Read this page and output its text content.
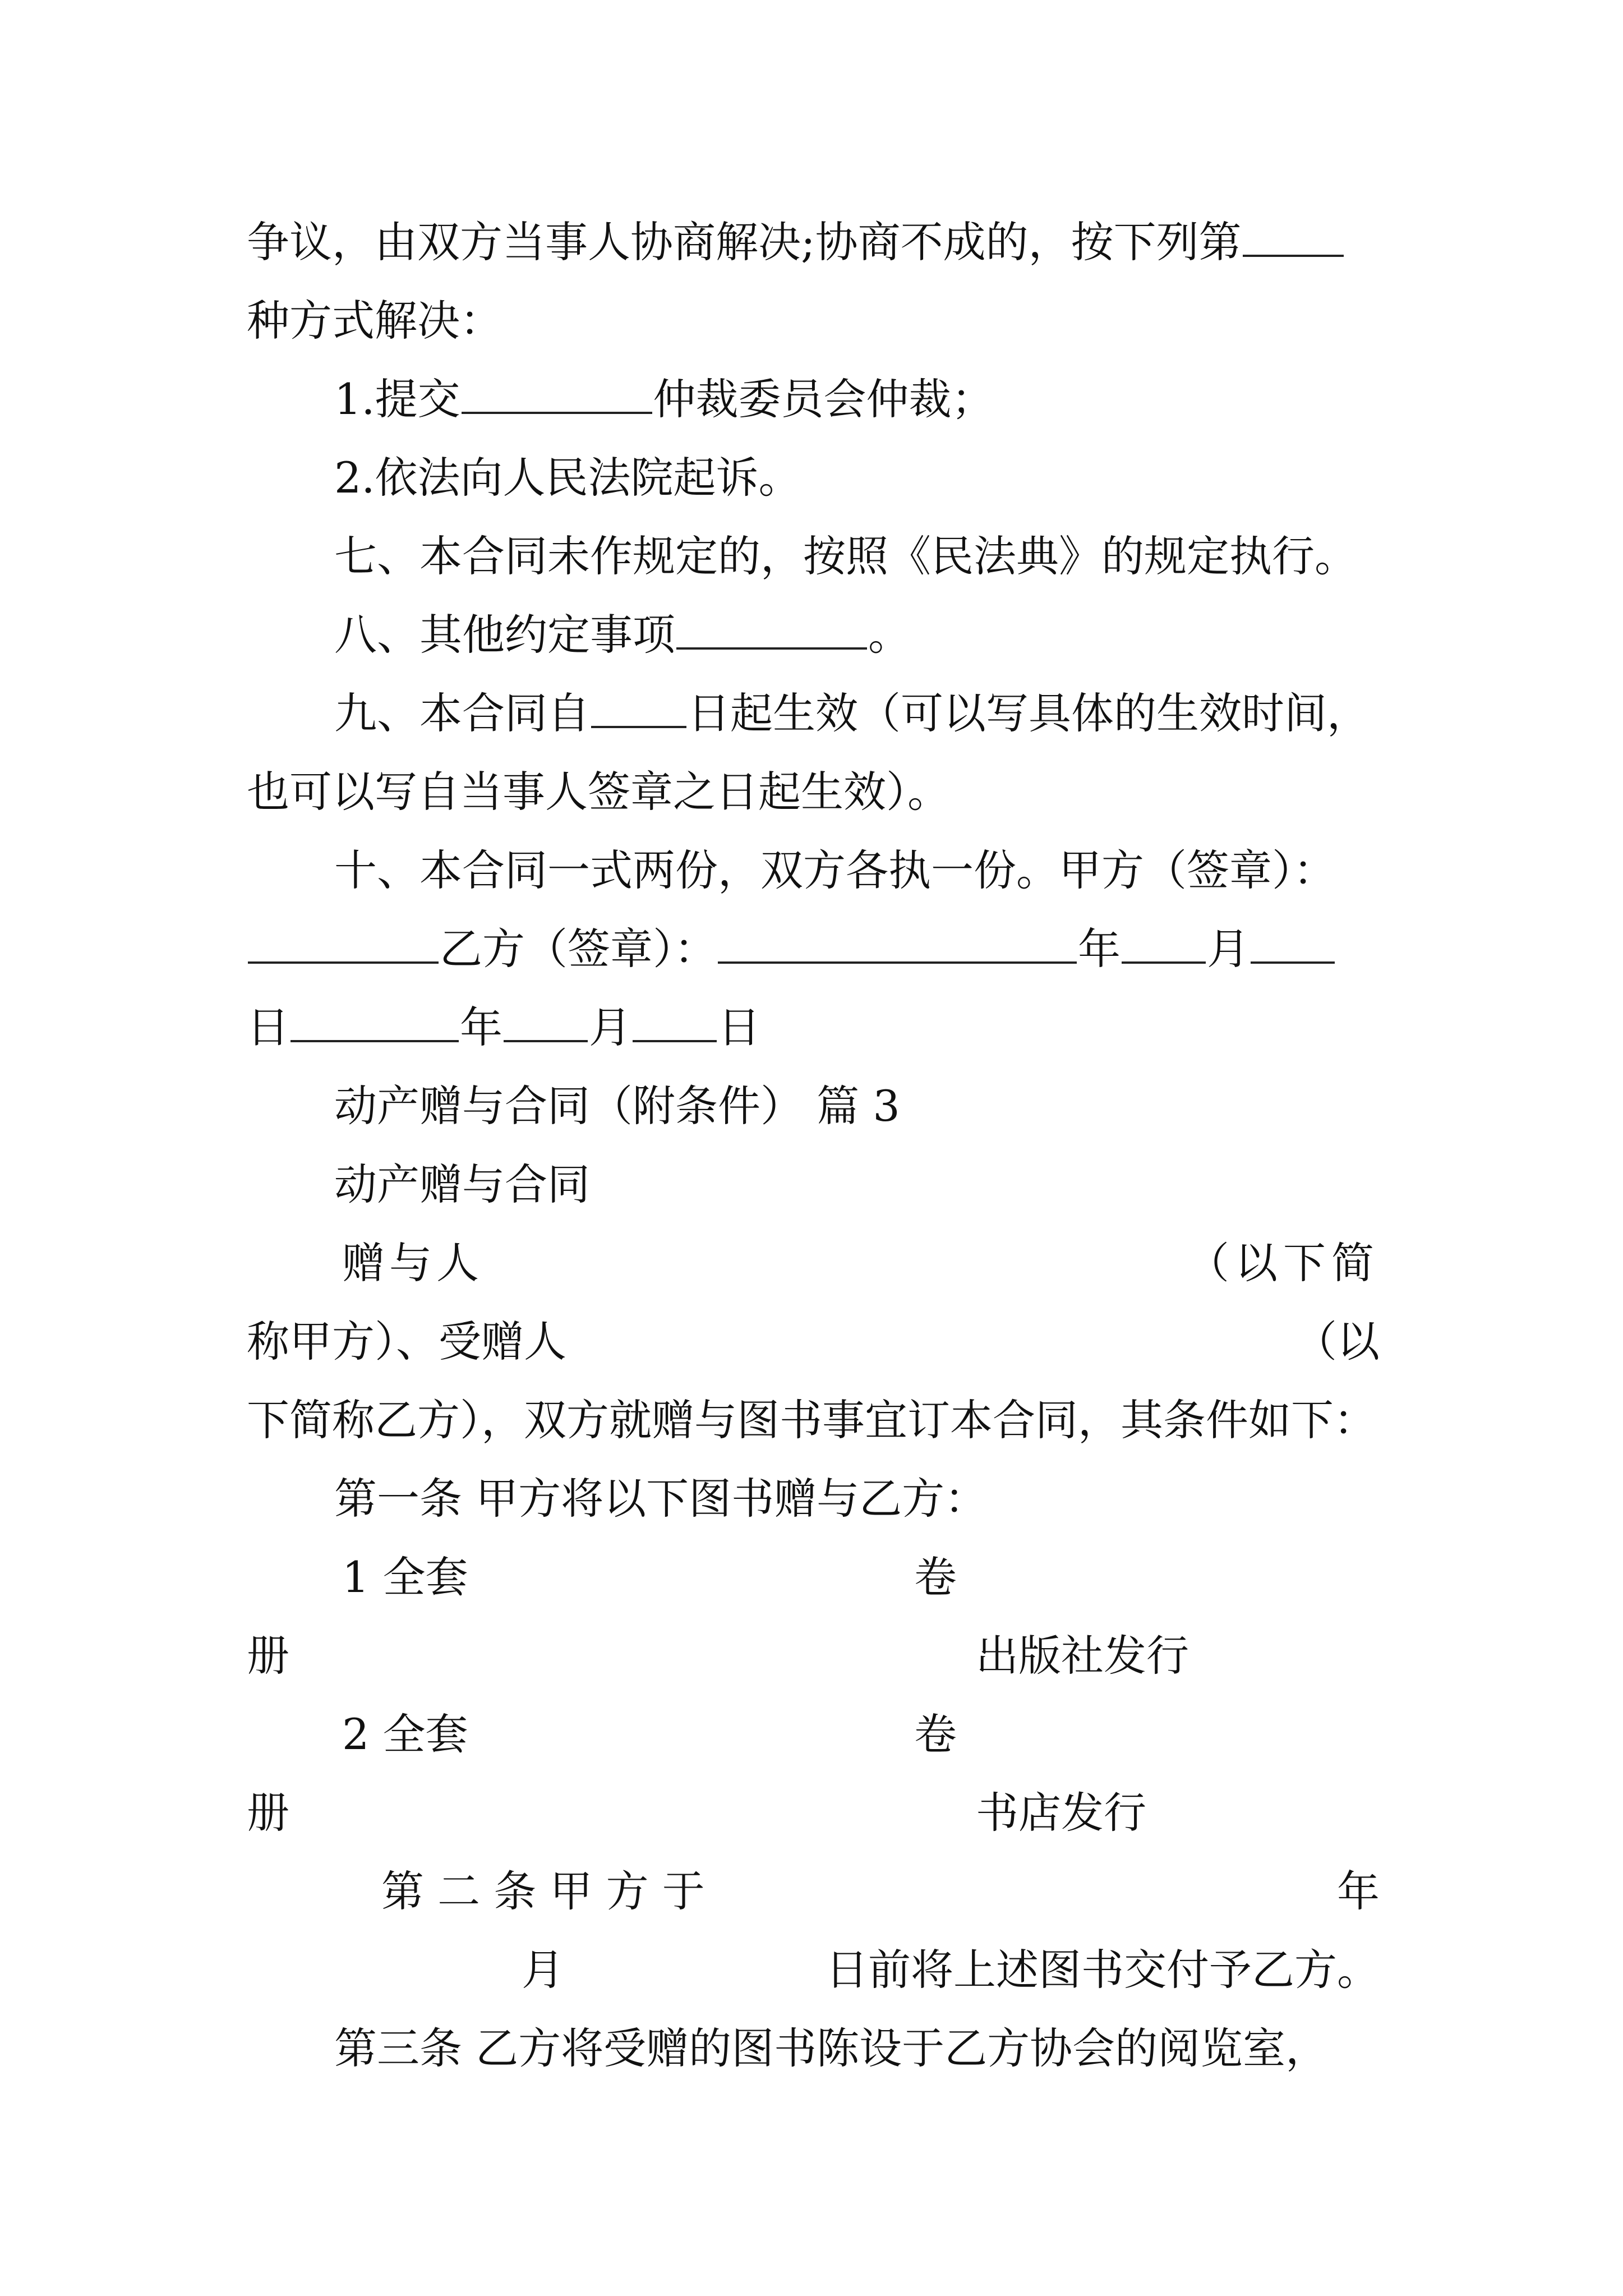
争议，由双方当事人协商解决;协商不成的，按下列第
种方式解决：
1.提交	仲裁委员会仲裁；
2.依法向人民法院起诉。
七、本合同未作规定的，按照《民法典》的规定执行。
八、其他约定事项	。
九、本合同自 日起生效（可以写具体的生效时间，
也可以写自当事人签章之日起生效）。
十、本合同一式两份，双方各执一份。甲方（签章）：
乙方（签章）：	年 月
日	年 月 日
动产赠与合同（附条件） 篇 3
动产赠与合同
赠与人	（以下简
称甲方）、受赠人	（以
下简称乙方），双方就赠与图书事宜订本合同，其条件如下：
第一条 甲方将以下图书赠与乙方：
1 全套	卷
册	出版社发行
2 全套	卷
册	书店发行
第 二 条 甲 方 于	年
月	日前将上述图书交付予乙方。
第三条 乙方将受赠的图书陈设于乙方协会的阅览室，
